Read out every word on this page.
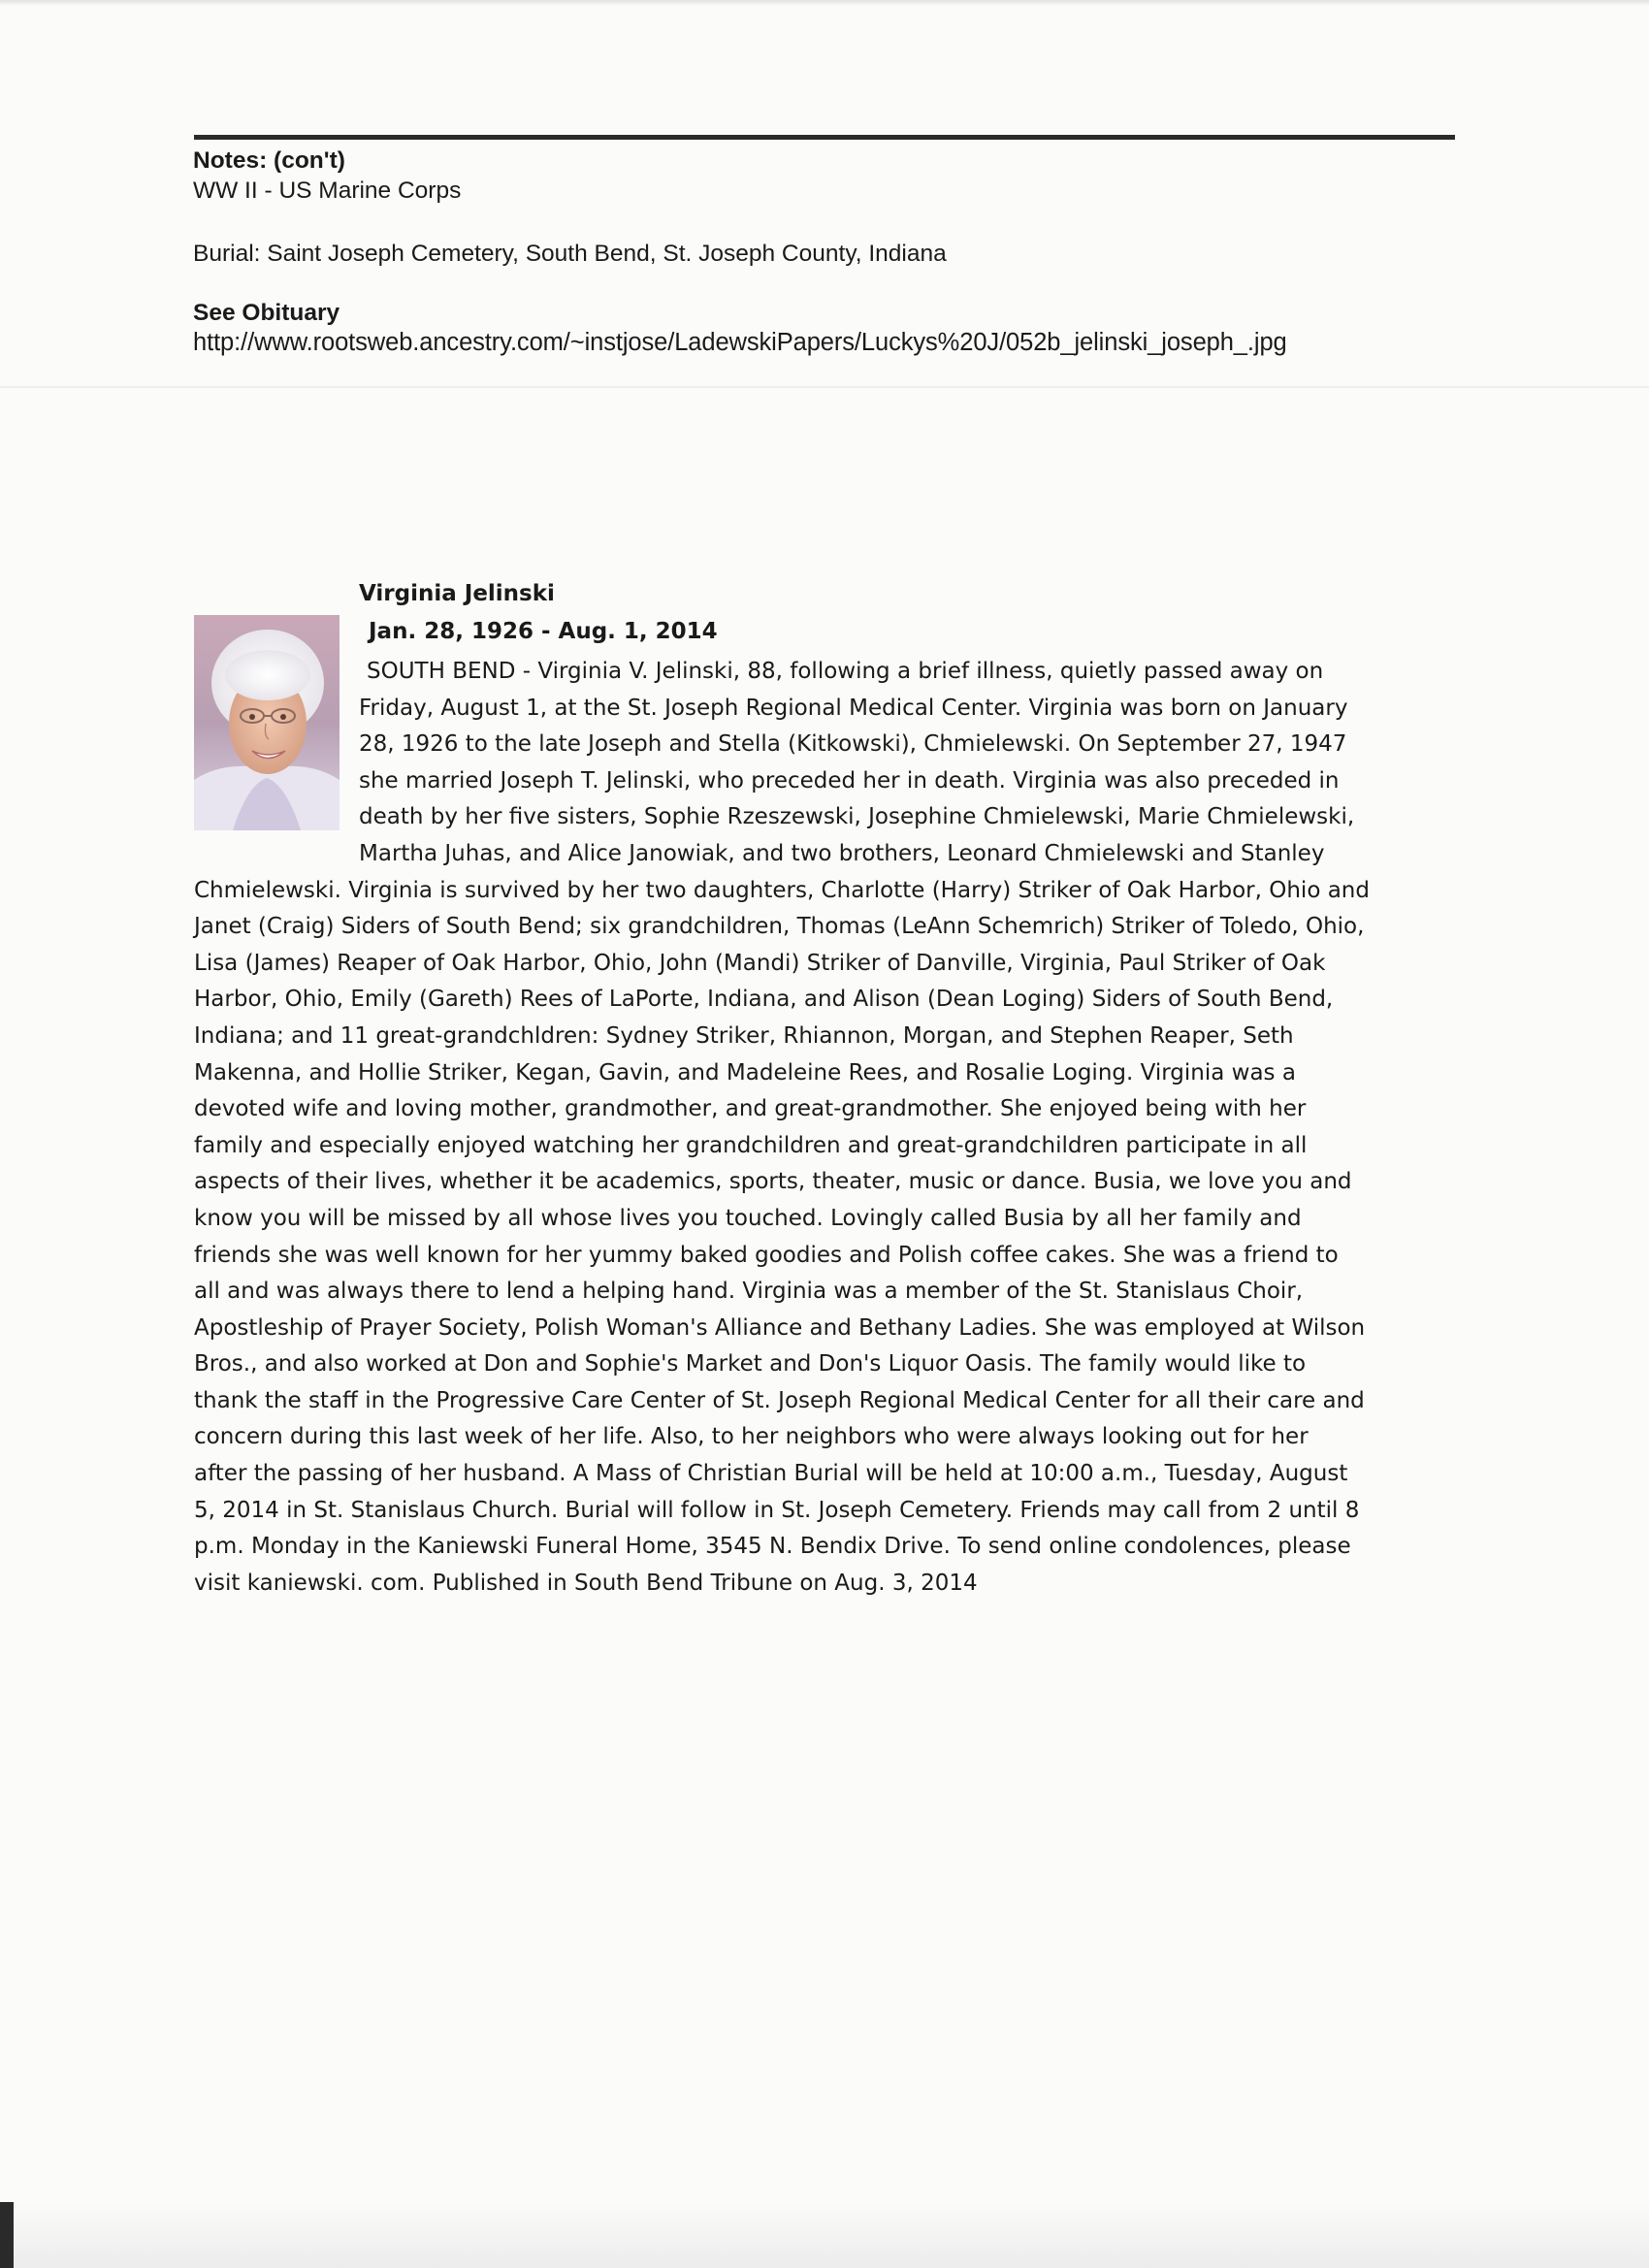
Notes: (con't)
WW II - US Marine Corps
Burial: Saint Joseph Cemetery, South Bend, St. Joseph County, Indiana
See Obituary
http://www.rootsweb.ancestry.com/~instjose/LadewskiPapers/Luckys%20J/052b_jelinski_joseph_.jpg
Virginia Jelinski
Jan. 28, 1926 - Aug. 1, 2014
SOUTH BEND - Virginia V. Jelinski, 88, following a brief illness, quietly passed away on
Friday, August 1, at the St. Joseph Regional Medical Center. Virginia was born on January
28, 1926 to the late Joseph and Stella (Kitkowski), Chmielewski. On September 27, 1947
she married Joseph T. Jelinski, who preceded her in death. Virginia was also preceded in
death by her five sisters, Sophie Rzeszewski, Josephine Chmielewski, Marie Chmielewski,
Martha Juhas, and Alice Janowiak, and two brothers, Leonard Chmielewski and Stanley
Chmielewski. Virginia is survived by her two daughters, Charlotte (Harry) Striker of Oak Harbor, Ohio and
Janet (Craig) Siders of South Bend; six grandchildren, Thomas (LeAnn Schemrich) Striker of Toledo, Ohio,
Lisa (James) Reaper of Oak Harbor, Ohio, John (Mandi) Striker of Danville, Virginia, Paul Striker of Oak
Harbor, Ohio, Emily (Gareth) Rees of LaPorte, Indiana, and Alison (Dean Loging) Siders of South Bend,
Indiana; and 11 great-grandchldren: Sydney Striker, Rhiannon, Morgan, and Stephen Reaper, Seth
Makenna, and Hollie Striker, Kegan, Gavin, and Madeleine Rees, and Rosalie Loging. Virginia was a
devoted wife and loving mother, grandmother, and great-grandmother. She enjoyed being with her
family and especially enjoyed watching her grandchildren and great-grandchildren participate in all
aspects of their lives, whether it be academics, sports, theater, music or dance. Busia, we love you and
know you will be missed by all whose lives you touched. Lovingly called Busia by all her family and
friends she was well known for her yummy baked goodies and Polish coffee cakes. She was a friend to
all and was always there to lend a helping hand. Virginia was a member of the St. Stanislaus Choir,
Apostleship of Prayer Society, Polish Woman's Alliance and Bethany Ladies. She was employed at Wilson
Bros., and also worked at Don and Sophie's Market and Don's Liquor Oasis. The family would like to
thank the staff in the Progressive Care Center of St. Joseph Regional Medical Center for all their care and
concern during this last week of her life. Also, to her neighbors who were always looking out for her
after the passing of her husband. A Mass of Christian Burial will be held at 10:00 a.m., Tuesday, August
5, 2014 in St. Stanislaus Church. Burial will follow in St. Joseph Cemetery. Friends may call from 2 until 8
p.m. Monday in the Kaniewski Funeral Home, 3545 N. Bendix Drive. To send online condolences, please
visit kaniewski. com. Published in South Bend Tribune on Aug. 3, 2014
